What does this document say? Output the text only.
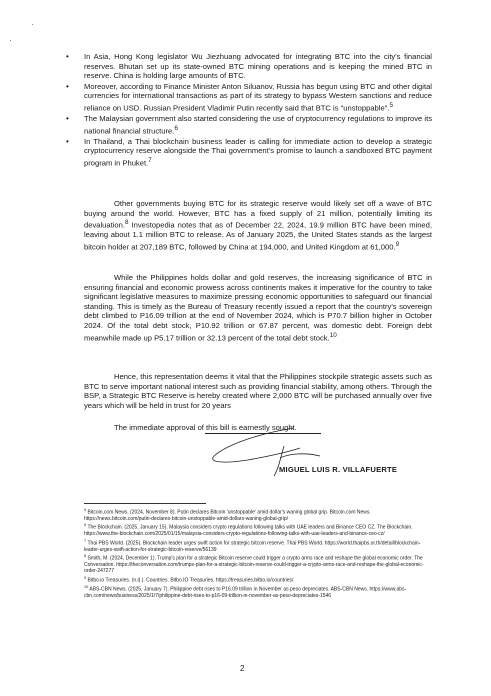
• In Asia, Hong Kong legislator Wu Jiezhuang advocated for integrating BTC into the city's financial reserves. Bhutan set up its state-owned BTC mining operations and is keeping the mined BTC in reserve. China is holding large amounts of BTC.
• Moreover, according to Finance Minister Anton Siluanov, Russia has begun using BTC and other digital currencies for international transactions as part of its strategy to bypass Western sanctions and reduce reliance on USD. Russian President Vladimir Putin recently said that BTC is "unstoppable".$^5$
• The Malaysian government also started considering the use of cryptocurrency regulations to improve its national financial structure.$^6$
• In Thailand, a Thai blockchain business leader is calling for immediate action to develop a strategic cryptocurrency reserve alongside the Thai government's promise to launch a sandboxed BTC payment program in Phuket.$^7$

Other governments buying BTC for its strategic reserve would likely set off a wave of BTC buying around the world. However, BTC has a fixed supply of 21 million, potentially limiting its devaluation.$^8$ Investopedia notes that as of December 22, 2024, 19.9 million BTC have been mined, leaving about 1.1 million BTC to release. As of January 2025, the United States stands as the largest bitcoin holder at 207,189 BTC, followed by China at 194,000, and United Kingdom at 61,000.$^9$

While the Philippines holds dollar and gold reserves, the increasing significance of BTC in ensuring financial and economic prowess across continents makes it imperative for the country to take significant legislative measures to maximize pressing economic opportunities to safeguard our financial standing. This is timely as the Bureau of Treasury recently issued a report that the country's sovereign debt climbed to P16.09 trillion at the end of November 2024, which is P70.7 billion higher in October 2024. Of the total debt stock, P10.92 trillion or 67.87 percent, was domestic debt. Foreign debt meanwhile made up P5.17 trillion or 32.13 percent of the total debt stock.$^{10}$

Hence, this representation deems it vital that the Philippines stockpile strategic assets such as BTC to serve important national interest such as providing financial stability, among others. Through the BSP, a Strategic BTC Reserve is hereby created where 2,000 BTC will be purchased annually over five years which will be held in trust for 20 years

The immediate approval of this bill is earnestly sought.
MIGUEL LUIS R. VILLAFUERTE
$^5$ Bitcoin.com News. (2024, November 8). Putin declares Bitcoin 'unstoppable' amid dollar's waning global grip. Bitcoin.com News. https://news.bitcoin.com/putin-declares-bitcoin-unstoppable-amid-dollars-waning-global-grip/
$^6$ The Blockchain. (2025, January 15). Malaysia considers crypto regulations following talks with UAE leaders and Binance CEO CZ. The Blockchain. https://www.the-blockchain.com/2025/01/15/malaysia-considers-crypto-regulations-following-talks-with-uae-leaders-and-binance-ceo-cz/
$^7$ Thai PBS World. (2025). Blockchain leader urges swift action for strategic bitcoin reserve. Thai PBS World. https://world.thaipbs.or.th/detail/blockchain-leader-urges-swift-action-for-strategic-bitcoin-reserve/56139
$^8$ Smith, M. (2024, December 1). Trump's plan for a strategic Bitcoin reserve could trigger a crypto arms race and reshape the global economic order. The Conversation. https://theconversation.com/trumps-plan-for-a-strategic-bitcoin-reserve-could-trigger-a-crypto-arms-race-and-reshape-the-global-economic-order-247277
$^9$ Bitbo.io Treasuries. (n.d.). Countries. Bitbo.IO Treasuries. https://treasuries.bitbo.io/countries/
$^{10}$ ABS-CBN News. (2025, January 7). Philippine debt rises to P16.09 trillion in November as peso depreciates. ABS-CBN News. https://www.abs-cbn.com/news/business/2025/1/7/philippine-debt-rises-to-p16-09-trillion-in-november-as-peso-depreciates-1546
2
